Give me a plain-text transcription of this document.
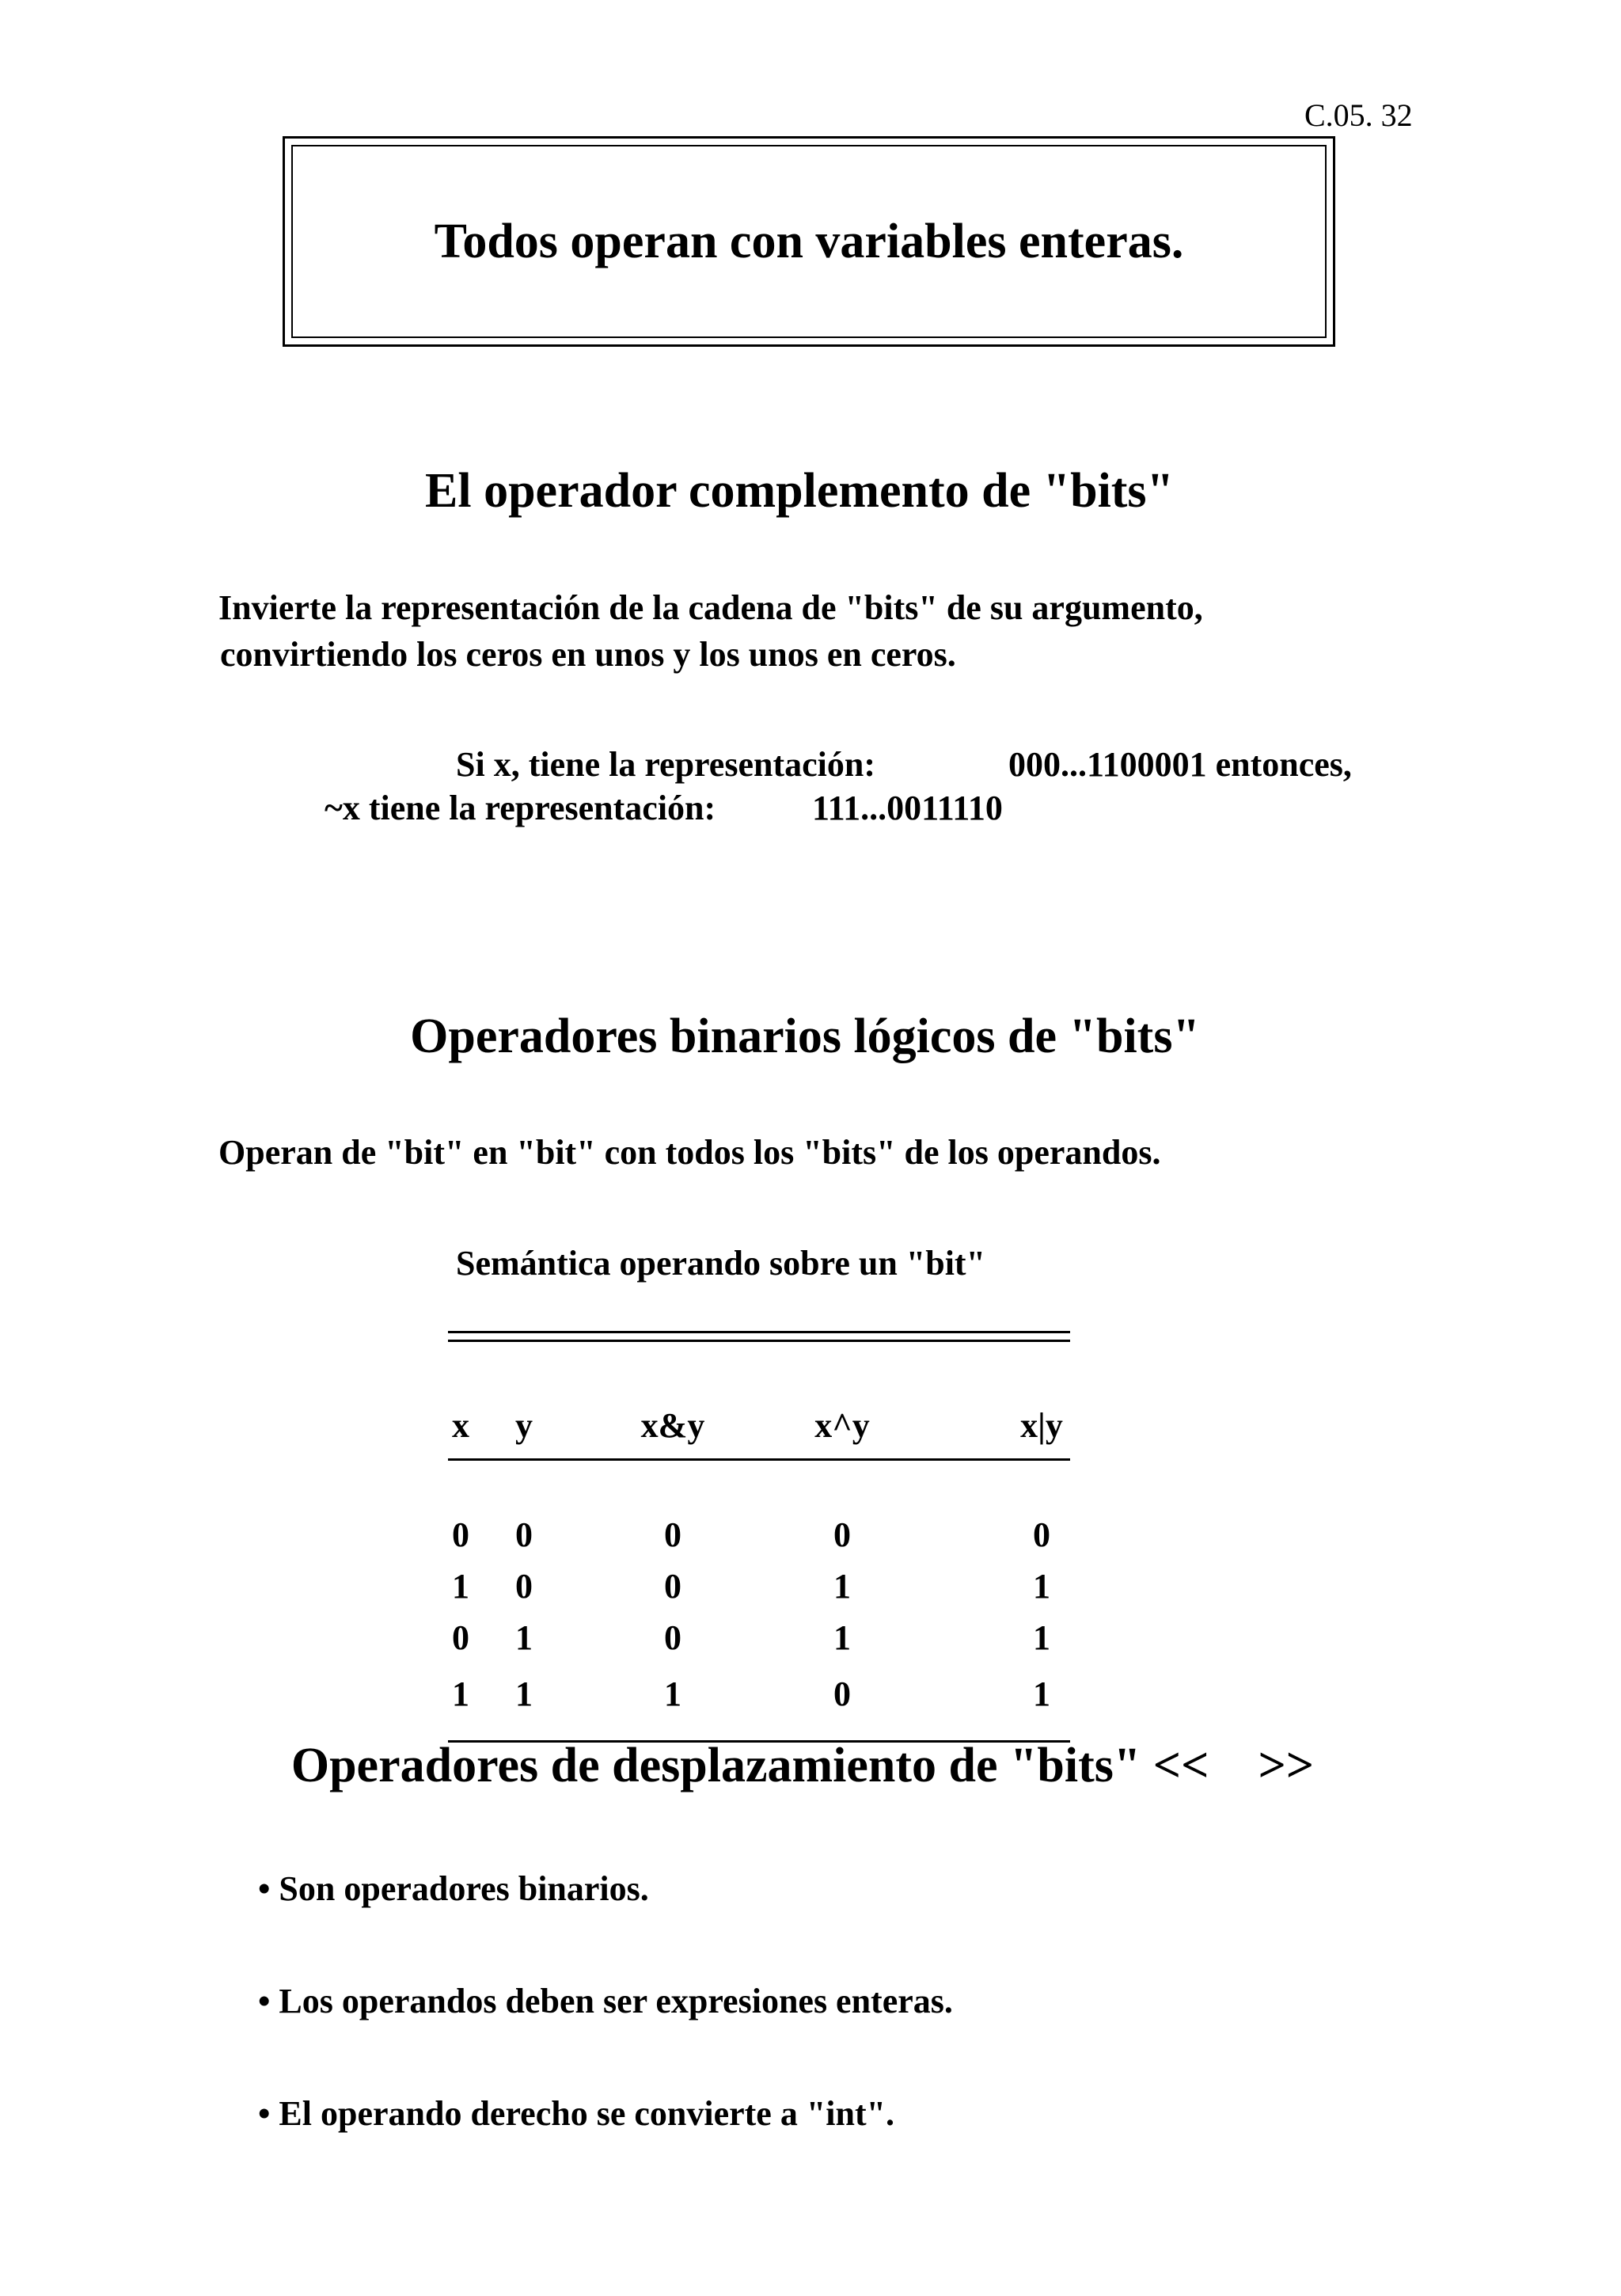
C.05. 32
Todos operan con variables enteras.
El operador complemento de "bits"
Invierte la representación de la cadena de "bits" de su argumento,
convirtiendo los ceros en unos y los unos en ceros.
Si x, tiene la representación:	000...1100001 entonces,
~x tiene la representación:	111...0011110
Operadores binarios lógicos de "bits"
Operan de "bit" en "bit" con todos los "bits" de los operandos.
Semántica operando sobre un "bit"
x	y	x&y	x^y	x|y
0	0	0	0	0
1	0	0	1	1
0	1	0	1	1
1	1	1	0	1
Operadores de desplazamiento de "bits" <<    >>
• Son operadores binarios.
• Los operandos deben ser expresiones enteras.
• El operando derecho se convierte a "int".
